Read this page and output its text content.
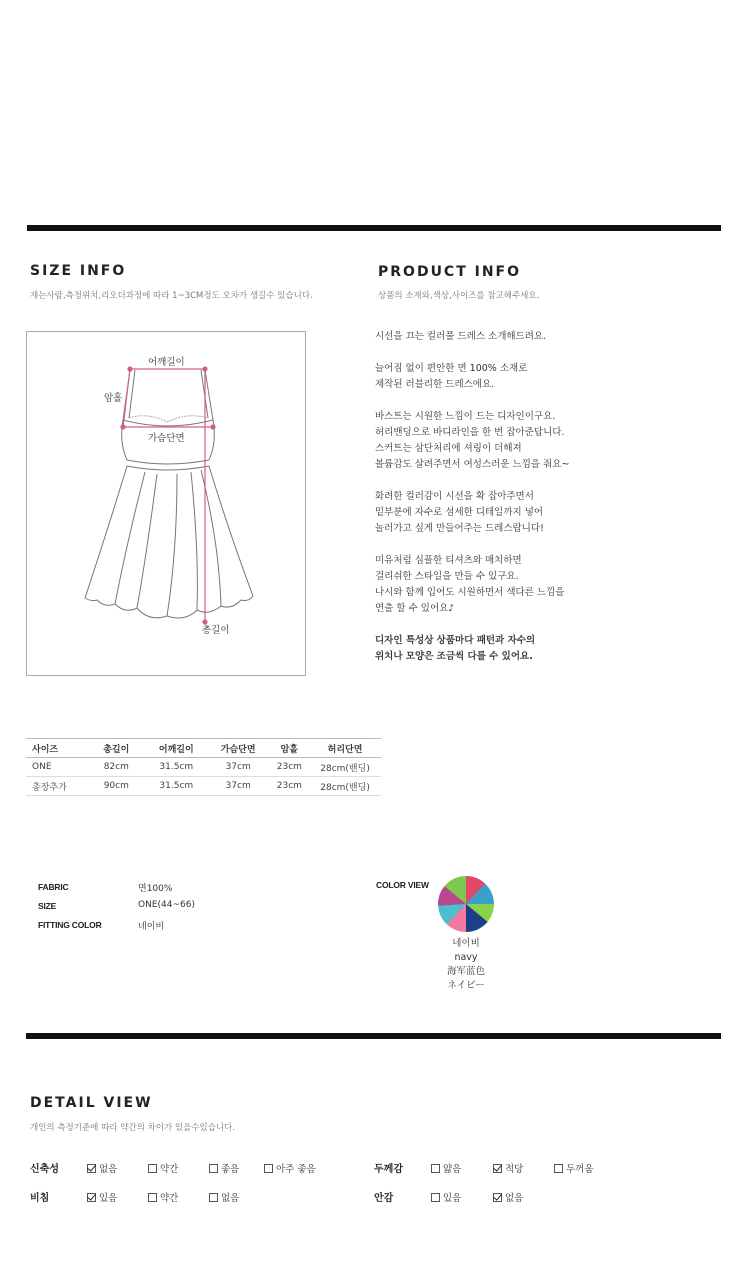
SIZE INFO
재는사람,측정위치,리오더과정에 따라 1~3CM정도 오차가 생길수 있습니다.
PRODUCT INFO
상품의 소재와,색상,사이즈를 참고해주세요.
어깨길이
암홀
가슴단면
총길이

시선을 끄는 컬러풀 드레스 소개해드려요.

늘어짐 없이 편안한 면 100% 소재로
제작된 러블리한 드레스에요.

바스트는 시원한 느낌이 드는 디자인이구요.
허리밴딩으로 바디라인을 한 번 잡아준답니다.
스커트는 삼단처리에 셔링이 더해져
볼륨감도 살려주면서 여성스러운 느낌을 줘요~

화려한 컬러감이 시선을 확 잡아주면서
밑부분에 자수로 섬세한 디테일까지 넣어
놀러가고 싶게 만들어주는 드레스랍니다!

미유처럼 심플한 티셔츠와 매치하면
걸리쉬한 스타일을 만들 수 있구요.
나시와 함께 입어도 시원하면서 색다른 느낌을
연출 할 수 있어요♪

디자인 특성상 상품마다 패턴과 자수의
위치나 모양은 조금씩 다를 수 있어요.

사이즈	총길이	어깨길이	가슴단면	암홀	허리단면
ONE	82cm	31.5cm	37cm	23cm	28cm(밴딩)
총장추가	90cm	31.5cm	37cm	23cm	28cm(밴딩)
FABRIC	면100%
SIZE	ONE(44~66)
FITTING COLOR	네이비
COLOR VIEW
네이비
navy
海军蓝色
ネイビー
DETAIL VIEW
개인의 측정기준에 따라 약간의 차이가 있을수있습니다.
신축성	없음	약간	좋음	아주 좋음
비침	있음	약간	없음
두께감	얇음	적당	두꺼움
안감	있음	없음
